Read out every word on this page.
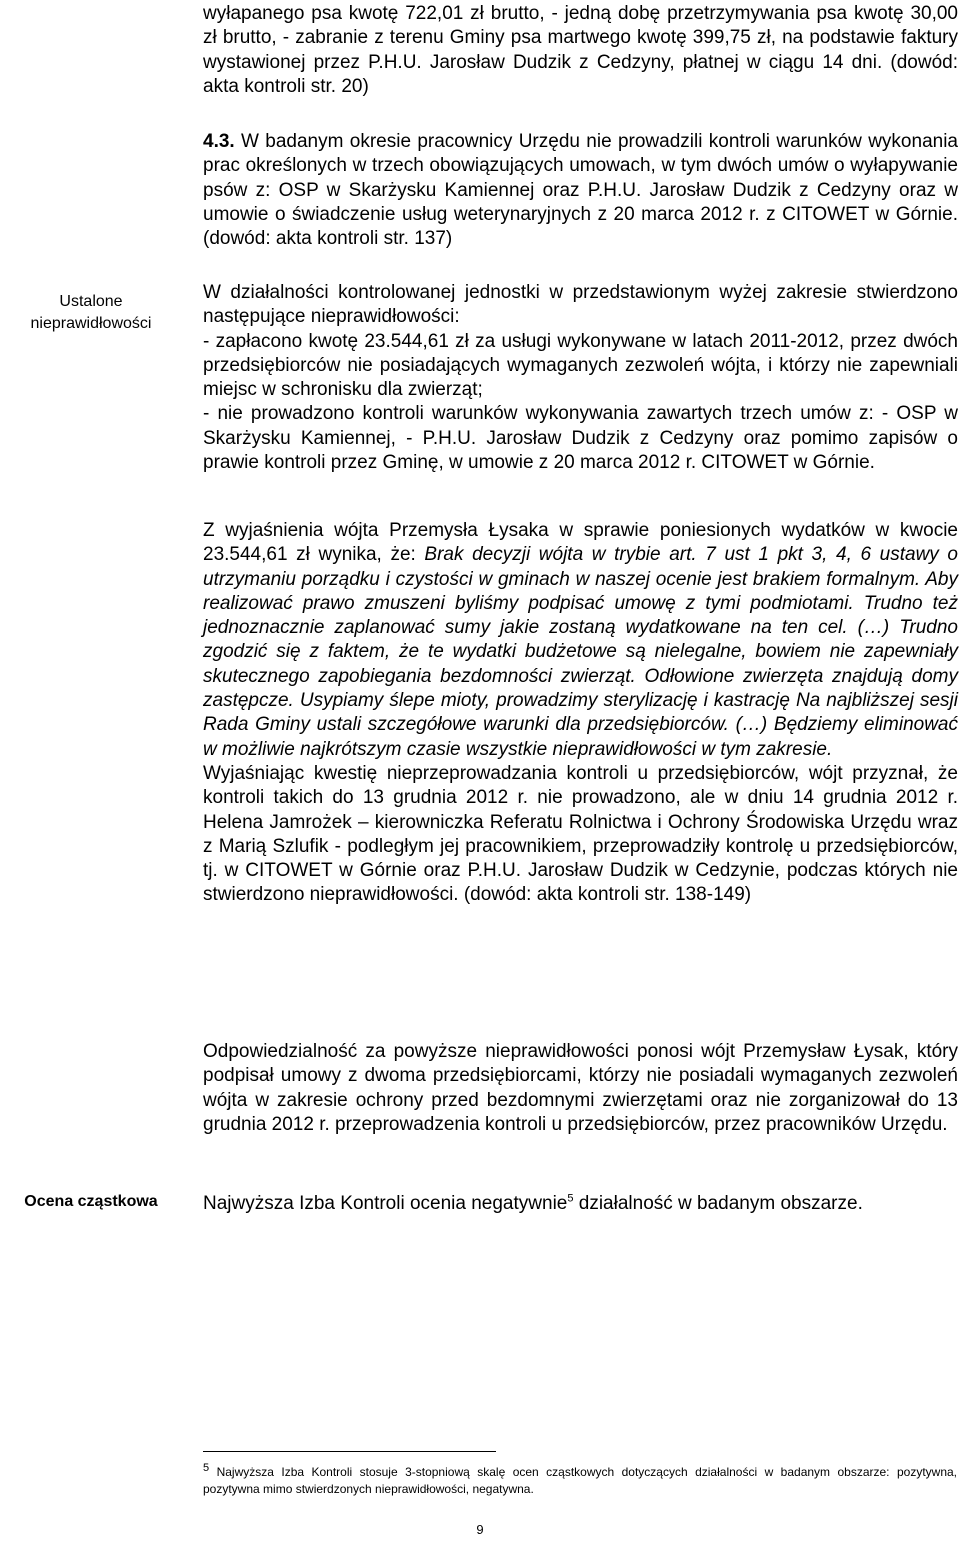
wyłapanego psa kwotę 722,01 zł brutto, - jedną dobę przetrzymywania psa kwotę 30,00 zł brutto, - zabranie z terenu Gminy psa martwego kwotę 399,75 zł, na podstawie faktury wystawionej przez P.H.U. Jarosław Dudzik z Cedzyny, płatnej w ciągu 14 dni. (dowód: akta kontroli str. 20)

4.3. W badanym okresie pracownicy Urzędu nie prowadzili kontroli warunków wykonania prac określonych w trzech obowiązujących umowach, w tym dwóch umów o wyłapywanie psów z: OSP w Skarżysku Kamiennej oraz P.H.U. Jarosław Dudzik z Cedzyny oraz w umowie o świadczenie usług weterynaryjnych z 20 marca 2012 r. z CITOWET w Górnie. (dowód: akta kontroli str. 137)

Ustalone nieprawidłowości

W działalności kontrolowanej jednostki w przedstawionym wyżej zakresie stwierdzono następujące nieprawidłowości:

- zapłacono kwotę 23.544,61 zł za usługi wykonywane w latach 2011-2012, przez dwóch przedsiębiorców nie posiadających wymaganych zezwoleń wójta, i którzy nie zapewniali miejsc w schronisku dla zwierząt;

- nie prowadzono kontroli warunków wykonywania zawartych trzech umów z: - OSP w Skarżysku Kamiennej, - P.H.U. Jarosław Dudzik z Cedzyny oraz pomimo zapisów o prawie kontroli przez Gminę, w umowie z 20 marca 2012 r. CITOWET w Górnie.

Z wyjaśnienia wójta Przemysła Łysaka w sprawie poniesionych wydatków w kwocie 23.544,61 zł wynika, że: Brak decyzji wójta w trybie art. 7 ust 1 pkt 3, 4, 6 ustawy o utrzymaniu porządku i czystości w gminach w naszej ocenie jest brakiem formalnym. Aby realizować prawo zmuszeni byliśmy podpisać umowę z tymi podmiotami. Trudno też jednoznacznie zaplanować sumy jakie zostaną wydatkowane na ten cel. (…) Trudno zgodzić się z faktem, że te wydatki budżetowe są nielegalne, bowiem nie zapewniały skutecznego zapobiegania bezdomności zwierząt. Odłowione zwierzęta znajdują domy zastępcze. Usypiamy ślepe mioty, prowadzimy sterylizację i kastrację Na najbliższej sesji Rada Gminy ustali szczegółowe warunki dla przedsiębiorców. (…) Będziemy eliminować w możliwie najkrótszym czasie wszystkie nieprawidłowości w tym zakresie.

Wyjaśniając kwestię nieprzeprowadzania kontroli u przedsiębiorców, wójt przyznał, że kontroli takich do 13 grudnia 2012 r. nie prowadzono, ale w dniu 14 grudnia 2012 r. Helena Jamrożek – kierowniczka Referatu Rolnictwa i Ochrony Środowiska Urzędu wraz z Marią Szlufik - podległym jej pracownikiem, przeprowadziły kontrolę u przedsiębiorców, tj. w CITOWET w Górnie oraz P.H.U. Jarosław Dudzik w Cedzynie, podczas których nie stwierdzono nieprawidłowości. (dowód: akta kontroli str. 138-149)

Odpowiedzialność za powyższe nieprawidłowości ponosi wójt Przemysław Łysak, który podpisał umowy z dwoma przedsiębiorcami, którzy nie posiadali wymaganych zezwoleń wójta w zakresie ochrony przed bezdomnymi zwierzętami oraz nie zorganizował do 13 grudnia 2012 r. przeprowadzenia kontroli u przedsiębiorców, przez pracowników Urzędu.

Ocena cząstkowa	Najwyższa Izba Kontroli ocenia negatywnie$^5$ działalność w badanym obszarze.

$^5$ Najwyższa Izba Kontroli stosuje 3-stopniową skalę ocen cząstkowych dotyczących działalności w badanym obszarze: pozytywna, pozytywna mimo stwierdzonych nieprawidłowości, negatywna.
9
